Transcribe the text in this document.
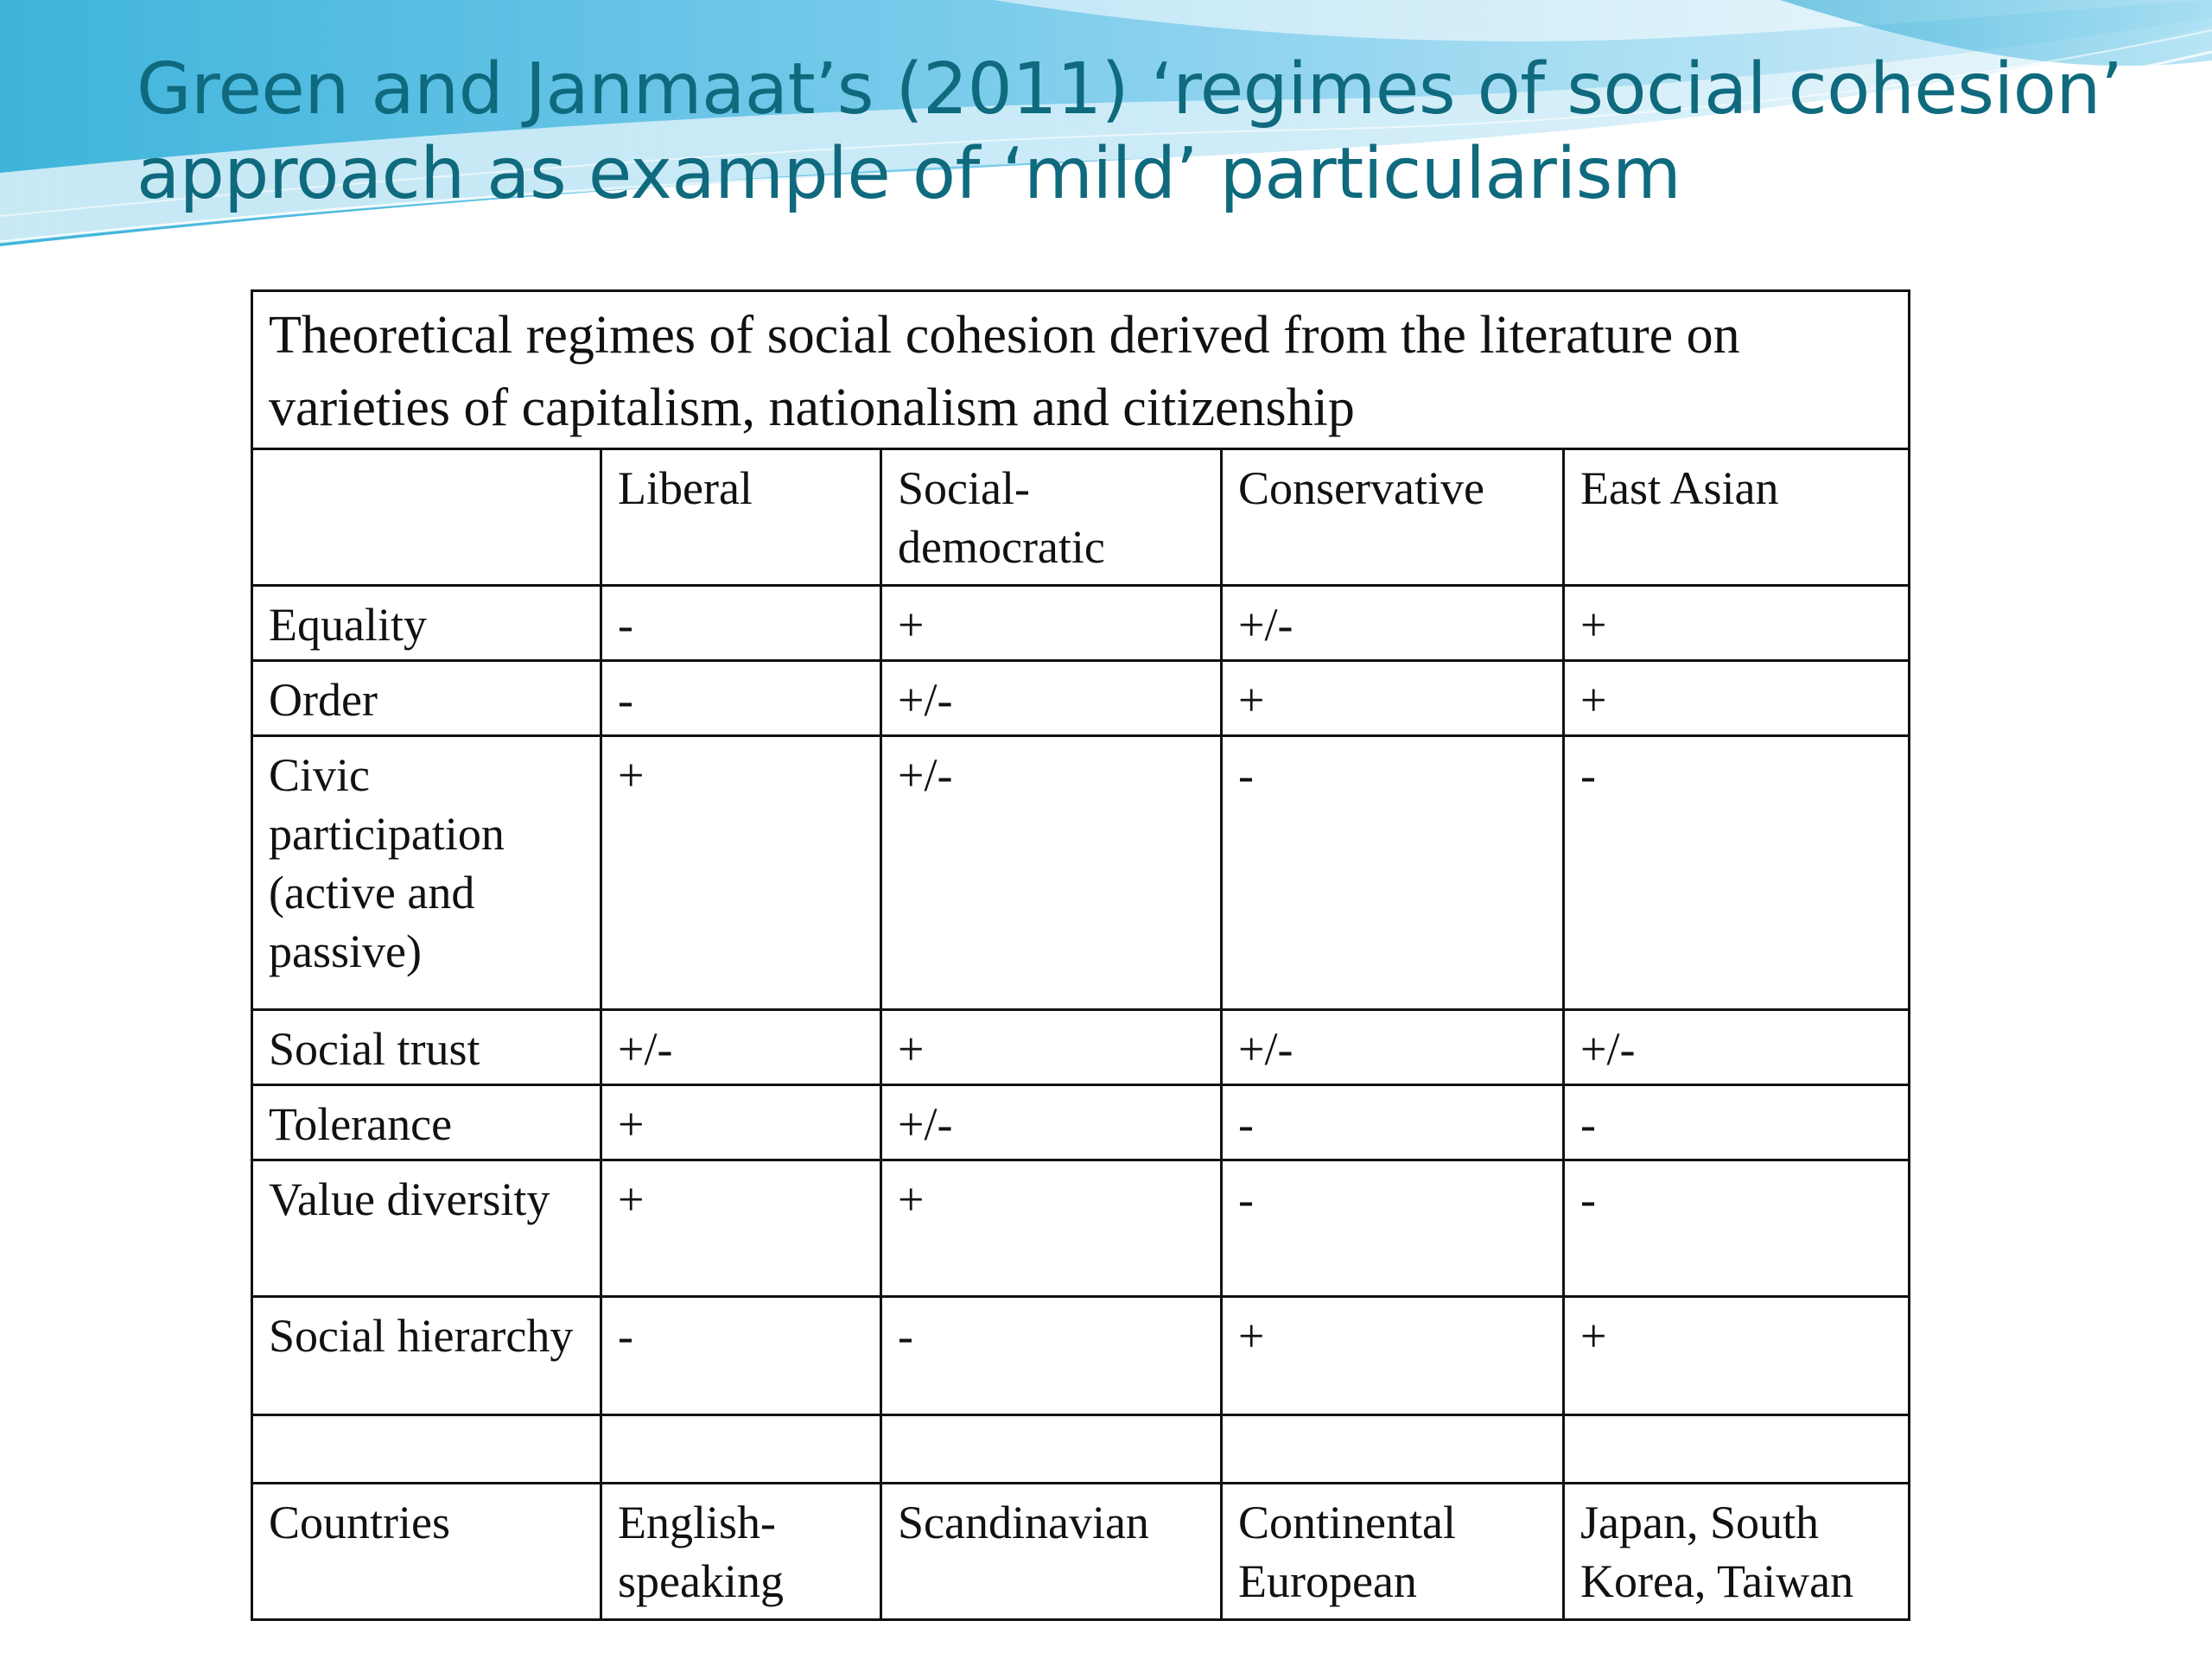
Green and Janmaat’s (2011) ‘regimes of social cohesion’ approach as example of ‘mild’ particularism
Theoretical regimes of social cohesion derived from the literature on varieties of capitalism, nationalism and citizenship				
	Liberal	Social-democratic	Conservative	East Asian
Equality	-	+	+/-	+
Order	-	+/-	+	+
Civic participation (active and passive)	+	+/-	-	-
Social trust	+/-	+	+/-	+/-
Tolerance	+	+/-	-	-
Value diversity	+	+	-	-
Social hierarchy	-	-	+	+

Countries	English-speaking	Scandinavian	Continental European	Japan, South Korea, Taiwan
